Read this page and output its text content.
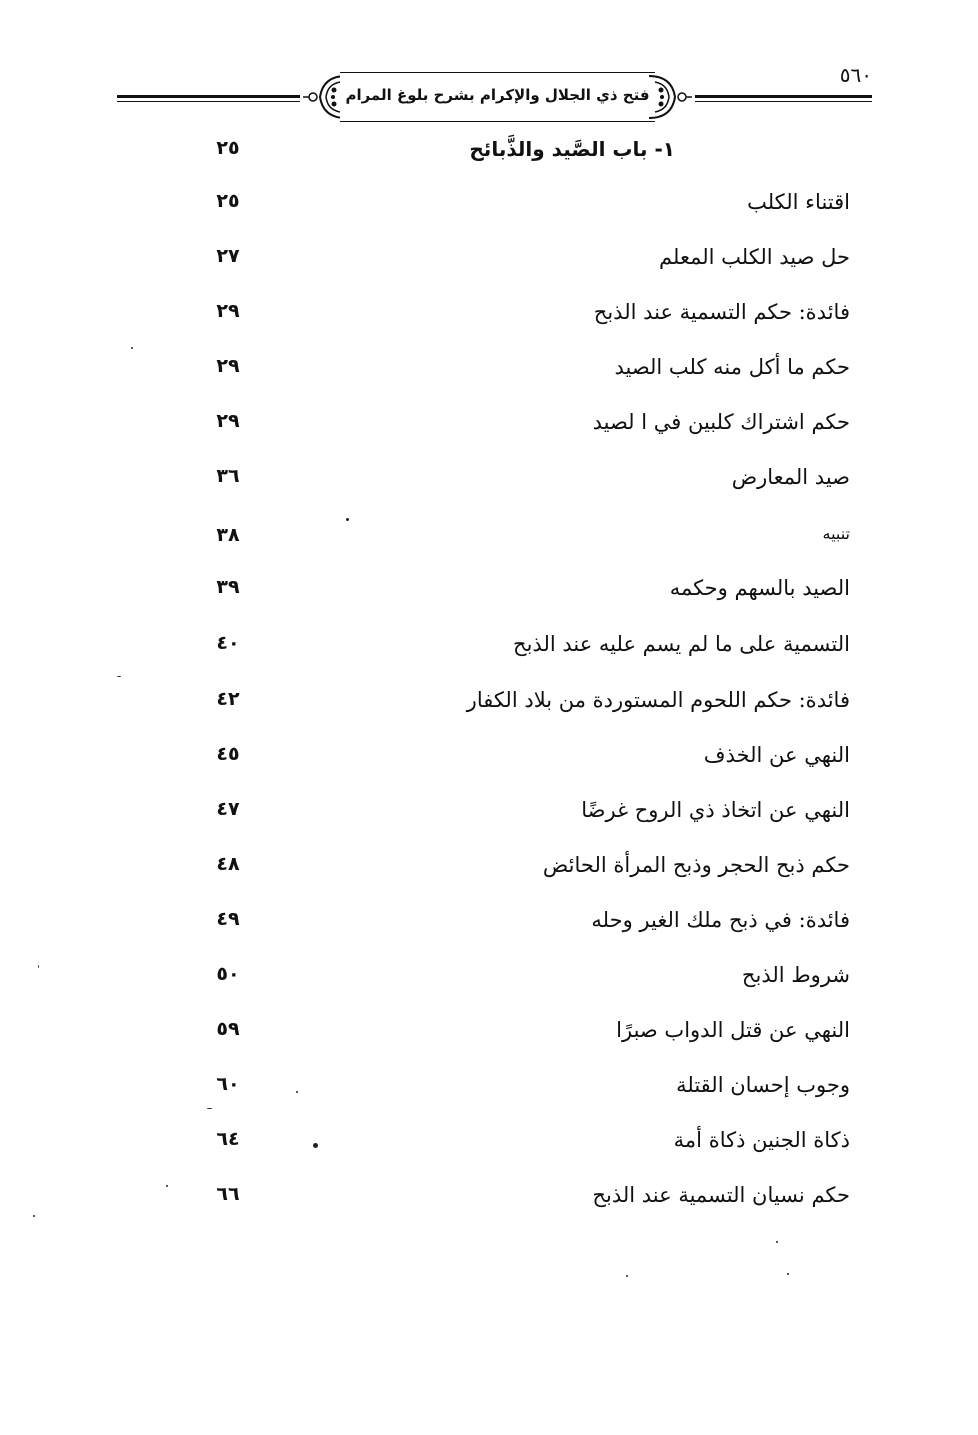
٥٦٠
فتح ذي الجلال والإكرام بشرح بلوغ المرام
١- باب الصَّيد والذَّبائح
٢٥
اقتناء الكلب
٢٥
حل صيد الكلب المعلم
٢٧
فائدة: حكم التسمية عند الذبح
٢٩
حكم ما أكل منه كلب الصيد
٢٩
حكم اشتراك كلبين في ا لصيد
٢٩
صيد المعارض
٣٦
تنبيه
٣٨
الصيد بالسهم وحكمه
٣٩
التسمية على ما لم يسم عليه عند الذبح
٤٠
فائدة: حكم اللحوم المستوردة من بلاد الكفار
٤٢
النهي عن الخذف
٤٥
النهي عن اتخاذ ذي الروح غرضًا
٤٧
حكم ذبح الحجر وذبح المرأة الحائض
٤٨
فائدة: في ذبح ملك الغير وحله
٤٩
شروط الذبح
٥٠
النهي عن قتل الدواب صبرًا
٥٩
وجوب إحسان القتلة
٦٠
ذكاة الجنين ذكاة أمة
٦٤
حكم نسيان التسمية عند الذبح
٦٦
